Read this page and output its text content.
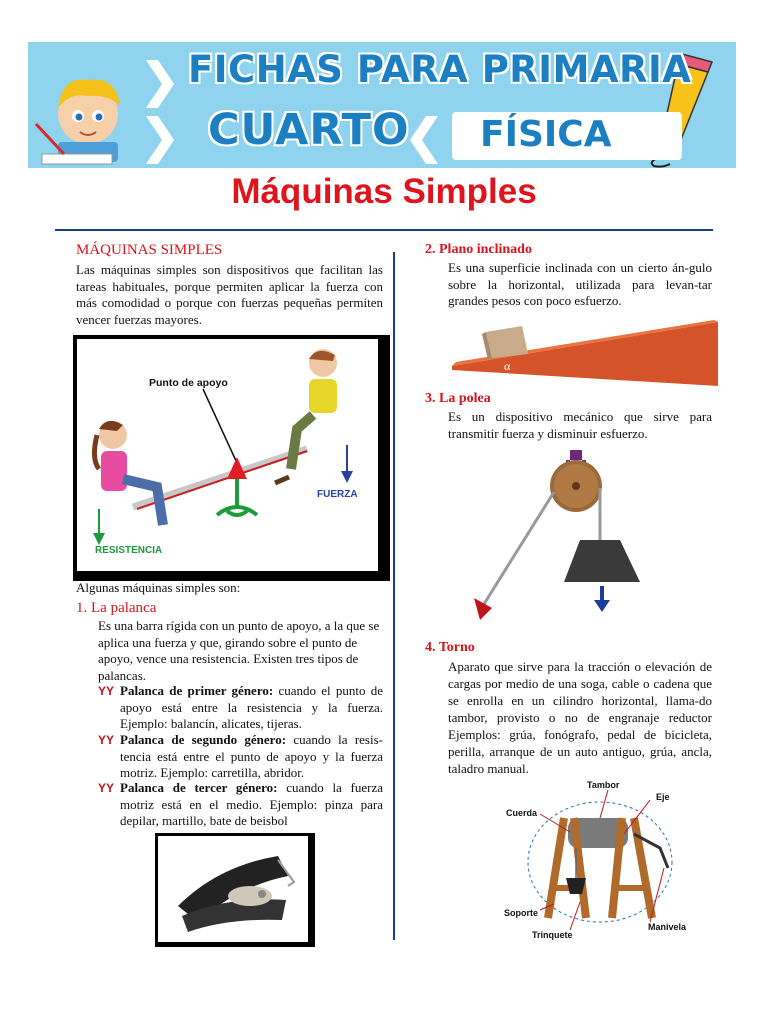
FICHAS PARA PRIMARIA
CUARTO FÍSICA
Máquinas Simples
MÁQUINAS SIMPLES
Las máquinas simples son dispositivos que facilitan las tareas habituales, porque permiten aplicar la fuerza con más comodidad o porque con fuerzas pequeñas permiten vencer fuerzas mayores.
Punto de apoyo
FUERZA
RESISTENCIA
Algunas máquinas simples son:
1. La palanca
Es una barra rígida con un punto de apoyo, a la que se aplica una fuerza y que, girando sobre el punto de apoyo, vence una resistencia. Existen tres tipos de palancas.
YY Palanca de primer género: cuando el punto de apoyo está entre la resistencia y la fuerza. Ejemplo: balancín, alicates, tijeras.
YY Palanca de segundo género: cuando la resis-tencia está entre el punto de apoyo y la fuerza motriz. Ejemplo: carretilla, abridor.
YY Palanca de tercer género: cuando la fuerza motriz está en el medio. Ejemplo: pinza para depilar, martillo, bate de beisbol
2. Plano inclinado
Es una superficie inclinada con un cierto án-gulo sobre la horizontal, utilizada para levan-tar grandes pesos con poco esfuerzo.
α
3. La polea
Es un dispositivo mecánico que sirve para transmitir fuerza y disminuir esfuerzo.
4. Torno
Aparato que sirve para la tracción o elevación de cargas por medio de una soga, cable o cadena que se enrolla en un cilindro horizontal, llama-do tambor, provisto o no de engranaje reductor Ejemplos: grúa, fonógrafo, pedal de bicicleta, perilla, arranque de un auto antiguo, grúa, ancla, taladro manual.
Tambor
Eje
Cuerda
Soporte
Manivela
Trinquete
